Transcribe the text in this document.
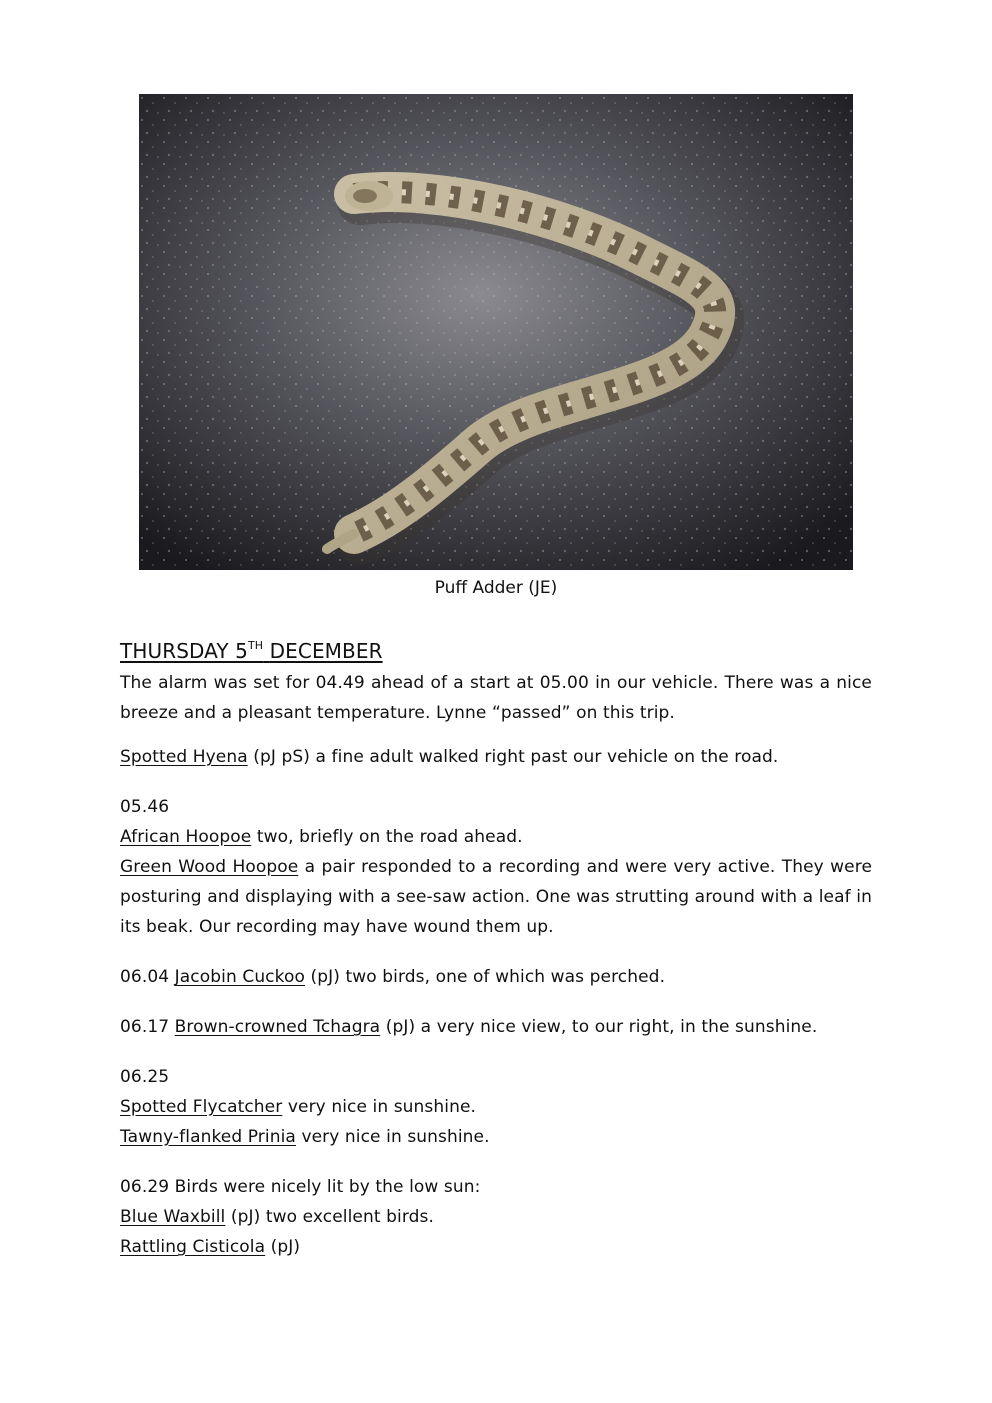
Puff Adder (JE)
THURSDAY 5TH DECEMBER

The alarm was set for 04.49 ahead of a start at 05.00 in our vehicle. There was a nice breeze and a pleasant temperature. Lynne “passed” on this trip.

Spotted Hyena (pJ pS) a fine adult walked right past our vehicle on the road.

05.46

African Hoopoe two, briefly on the road ahead.

Green Wood Hoopoe a pair responded to a recording and were very active. They were posturing and displaying with a see-saw action. One was strutting around with a leaf in its beak. Our recording may have wound them up.

06.04 Jacobin Cuckoo (pJ) two birds, one of which was perched.

06.17 Brown-crowned Tchagra (pJ) a very nice view, to our right, in the sunshine.

06.25

Spotted Flycatcher very nice in sunshine.

Tawny-flanked Prinia very nice in sunshine.

06.29 Birds were nicely lit by the low sun:

Blue Waxbill (pJ) two excellent birds.

Rattling Cisticola (pJ)
